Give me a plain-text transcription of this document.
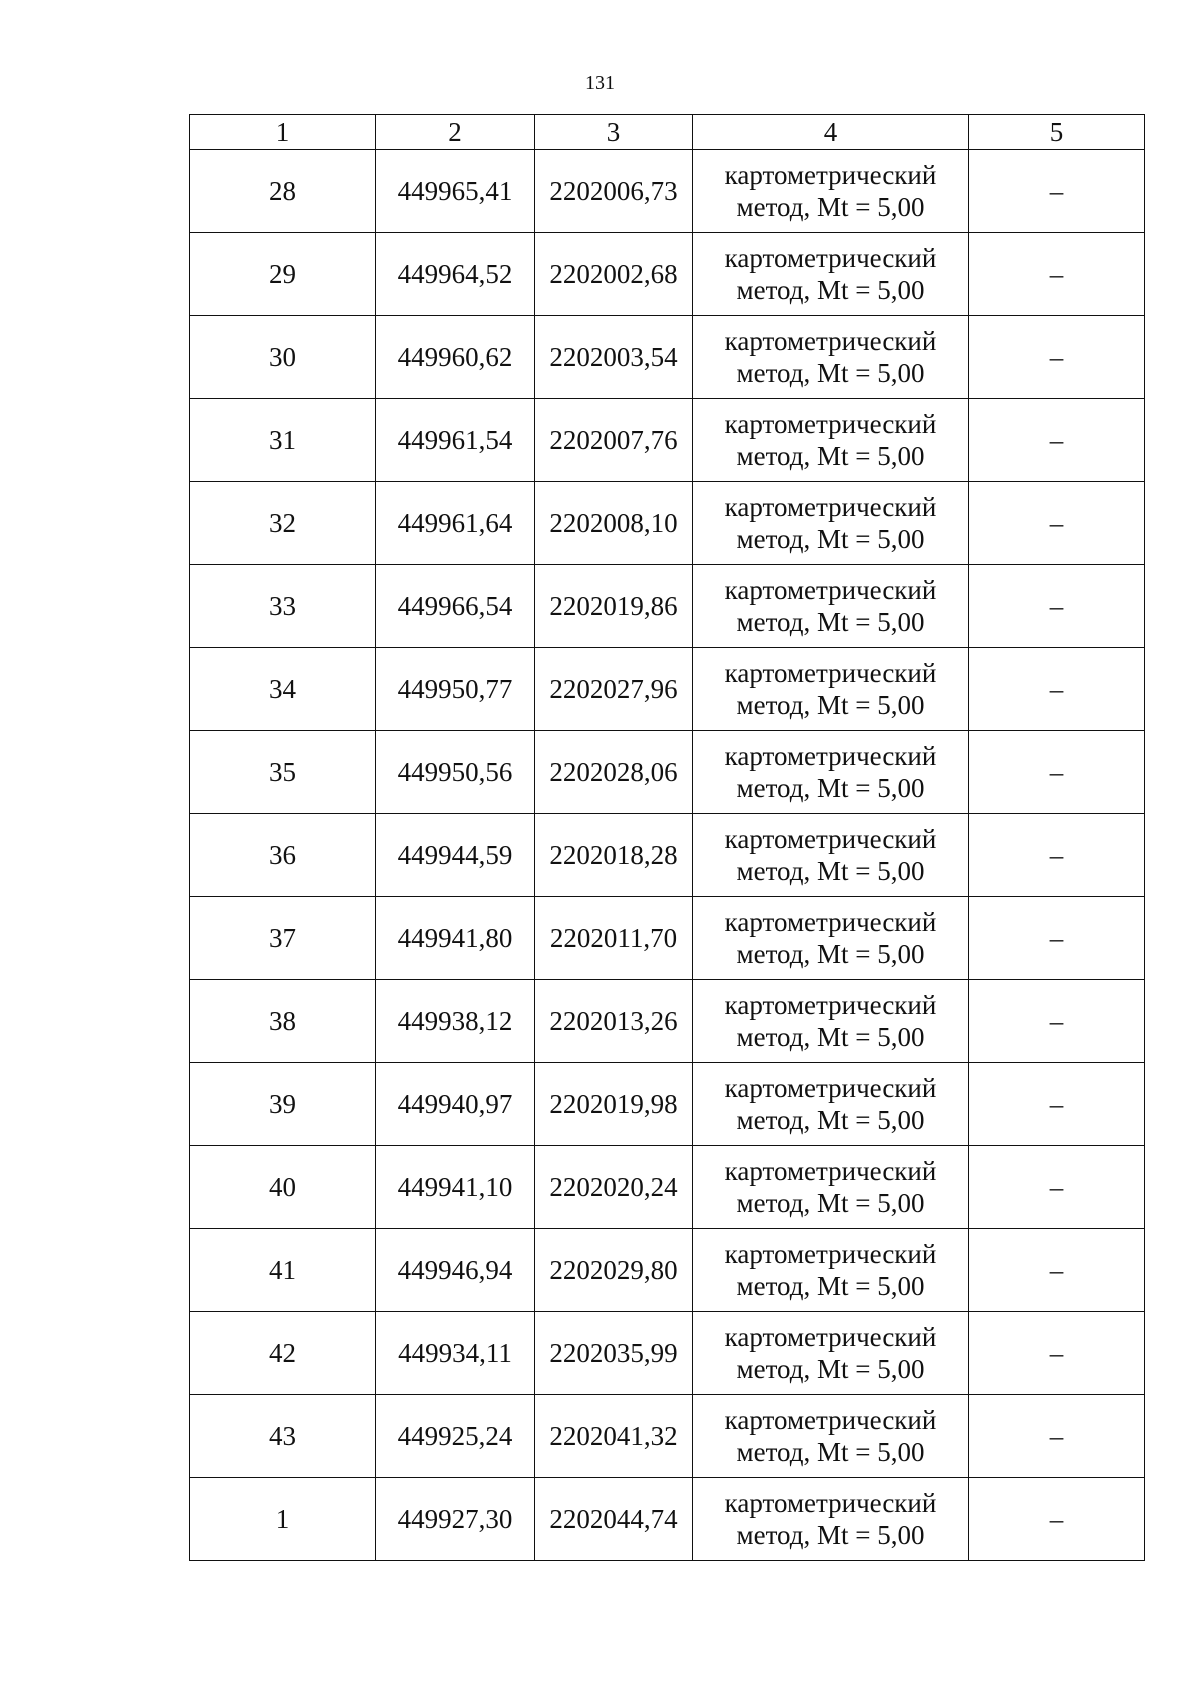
131
1	2	3	4	5
28	449965,41	2202006,73	картометрический
метод, Mt = 5,00	–
29	449964,52	2202002,68	картометрический
метод, Mt = 5,00	–
30	449960,62	2202003,54	картометрический
метод, Mt = 5,00	–
31	449961,54	2202007,76	картометрический
метод, Mt = 5,00	–
32	449961,64	2202008,10	картометрический
метод, Mt = 5,00	–
33	449966,54	2202019,86	картометрический
метод, Mt = 5,00	–
34	449950,77	2202027,96	картометрический
метод, Mt = 5,00	–
35	449950,56	2202028,06	картометрический
метод, Mt = 5,00	–
36	449944,59	2202018,28	картометрический
метод, Mt = 5,00	–
37	449941,80	2202011,70	картометрический
метод, Mt = 5,00	–
38	449938,12	2202013,26	картометрический
метод, Mt = 5,00	–
39	449940,97	2202019,98	картометрический
метод, Mt = 5,00	–
40	449941,10	2202020,24	картометрический
метод, Mt = 5,00	–
41	449946,94	2202029,80	картометрический
метод, Mt = 5,00	–
42	449934,11	2202035,99	картометрический
метод, Mt = 5,00	–
43	449925,24	2202041,32	картометрический
метод, Mt = 5,00	–
1	449927,30	2202044,74	картометрический
метод, Mt = 5,00	–
